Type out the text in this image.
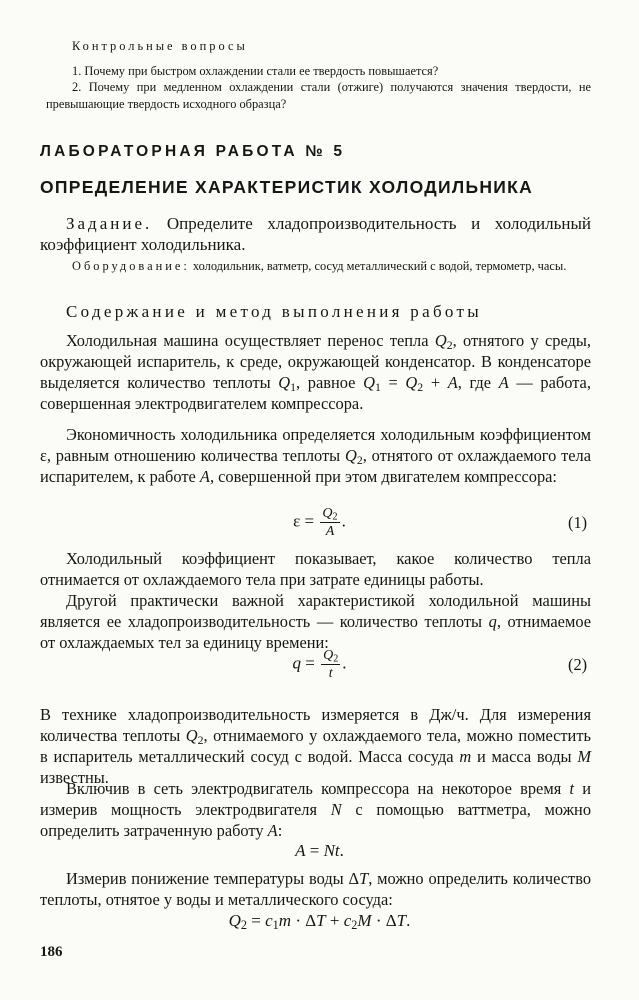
Контрольные вопросы

1. Почему при быстром охлаждении стали ее твердость повышается?

2. Почему при медленном охлаждении стали (отжиге) получаются значения твердости, не превышающие твердость исходного образца?

ЛАБОРАТОРНАЯ РАБОТА № 5

ОПРЕДЕЛЕНИЕ ХАРАКТЕРИСТИК ХОЛОДИЛЬНИКА

Задание. Определите хладопроизводительность и холодильный коэффициент холодильника.

Оборудование: холодильник, ватметр, сосуд металлический с водой, термометр, часы.

Содержание и метод выполнения работы

Холодильная машина осуществляет перенос тепла $Q_2$, отнятого у среды, окружающей испаритель, к среде, окружающей конденсатор. В конденсаторе выделяется количество теплоты $Q_1$, равное $Q_1 = Q_2 + A$, где A — работа, совершенная электродвигателем компрессора.

Экономичность холодильника определяется холодильным коэффициентом ε, равным отношению количества теплоты $Q_2$, отнятого от охлаждаемого тела испарителем, к работе A, совершенной при этом двигателем компрессора:

$\varepsilon = \frac{Q_2}{A}$ .	(1)

Холодильный коэффициент показывает, какое количество тепла отнимается от охлаждаемого тела при затрате единицы работы.

Другой практически важной характеристикой холодильной машины является ее хладопроизводительность — количество теплоты q, отнимаемое от охлаждаемых тел за единицу времени:

$q = \frac{Q_2}{t}$ .	(2)

В технике хладопроизводительность измеряется в Дж/ч. Для измерения количества теплоты $Q_2$, отнимаемого у охлаждаемого тела, можно поместить в испаритель металлический сосуд с водой. Масса сосуда m и масса воды M известны.

Включив в сеть электродвигатель компрессора на некоторое время t и измерив мощность электродвигателя N с помощью ваттметра, можно определить затраченную работу A:

A = Nt.

Измерив понижение температуры воды ΔT, можно определить количество теплоты, отнятое у воды и металлического сосуда:

$Q_2 = c_1m \cdot \Delta T + c_2M \cdot \Delta T$.
186
